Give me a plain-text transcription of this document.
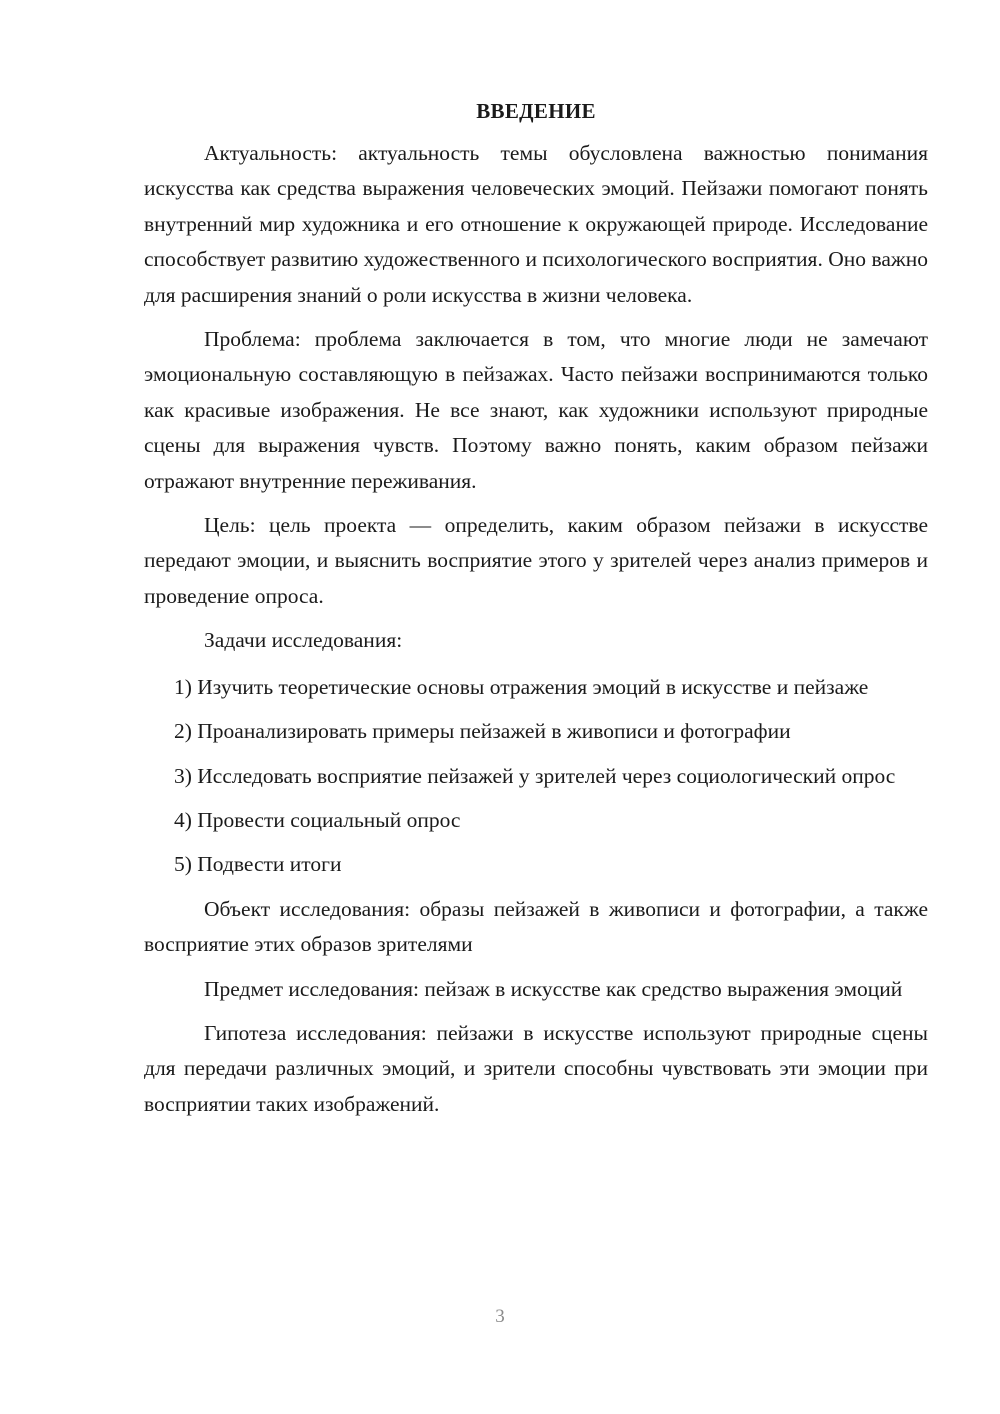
ВВЕДЕНИЕ

Актуальность: актуальность темы обусловлена важностью понимания искусства как средства выражения человеческих эмоций. Пейзажи помогают понять внутренний мир художника и его отношение к окружающей природе. Исследование способствует развитию художественного и психологического восприятия. Оно важно для расширения знаний о роли искусства в жизни человека.

Проблема: проблема заключается в том, что многие люди не замечают эмоциональную составляющую в пейзажах. Часто пейзажи воспринимаются только как красивые изображения. Не все знают, как художники используют природные сцены для выражения чувств. Поэтому важно понять, каким образом пейзажи отражают внутренние переживания.

Цель: цель проекта — определить, каким образом пейзажи в искусстве передают эмоции, и выяснить восприятие этого у зрителей через анализ примеров и проведение опроса.

Задачи исследования:

1) Изучить теоретические основы отражения эмоций в искусстве и пейзаже

2) Проанализировать примеры пейзажей в живописи и фотографии

3) Исследовать восприятие пейзажей у зрителей через социологический опрос

4) Провести социальный опрос

5) Подвести итоги

Объект исследования: образы пейзажей в живописи и фотографии, а также восприятие этих образов зрителями

Предмет исследования: пейзаж в искусстве как средство выражения эмоций

Гипотеза исследования: пейзажи в искусстве используют природные сцены для передачи различных эмоций, и зрители способны чувствовать эти эмоции при восприятии таких изображений.

3
